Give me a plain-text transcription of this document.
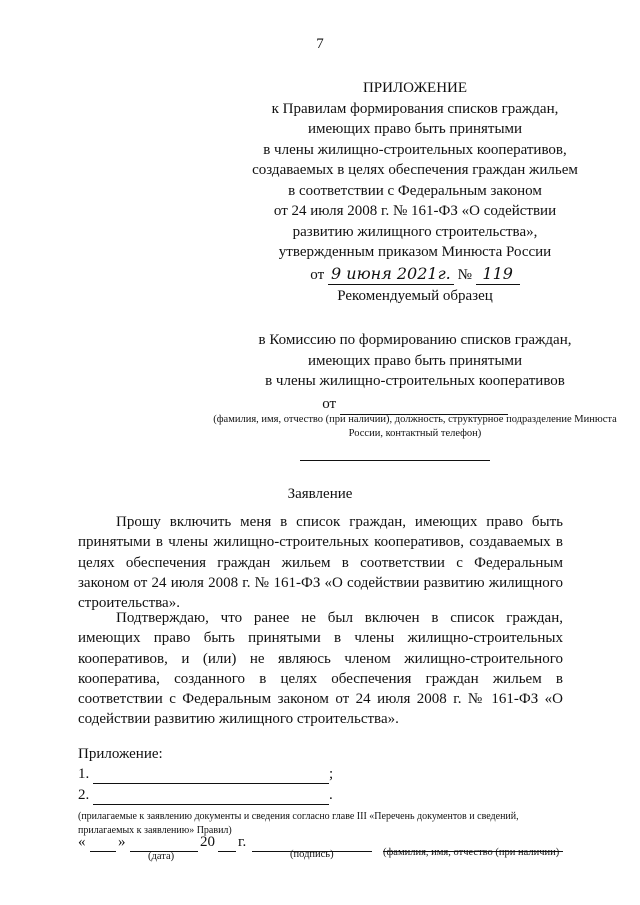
7
ПРИЛОЖЕНИЕ
к Правилам формирования списков граждан,
имеющих право быть принятыми
в члены жилищно-строительных кооперативов,
создаваемых в целях обеспечения граждан жильем
в соответствии с Федеральным законом
от 24 июля 2008 г. № 161-ФЗ «О содействии
развитию жилищного строительства»,
утвержденным приказом Минюста России
от 9 июня 2021г. № 119
Рекомендуемый образец
в Комиссию по формированию списков граждан,
имеющих право быть принятыми
в члены жилищно-строительных кооперативов
от
(фамилия, имя, отчество (при наличии), должность, структурное подразделение Минюста России, контактный телефон)
Заявление
Прошу включить меня в список граждан, имеющих право быть принятыми в члены жилищно-строительных кооперативов, создаваемых в целях обеспечения граждан жильем в соответствии с Федеральным законом от 24 июля 2008 г. № 161-ФЗ «О содействии развитию жилищного строительства».
Подтверждаю, что ранее не был включен в список граждан, имеющих право быть принятыми в члены жилищно-строительных кооперативов, и (или) не являюсь членом жилищно-строительного кооператива, созданного в целях обеспечения граждан жильем в соответствии с Федеральным законом от 24 июля 2008 г. № 161-ФЗ «О содействии развитию жилищного строительства».
Приложение:
1.	;
2.	.
(прилагаемые к заявлению документы и сведения согласно главе III «Перечень документов и сведений, прилагаемых к заявлению» Правил)
«
»
	20
г.

(дата)	(подпись)	(фамилия, имя, отчество (при наличии)
